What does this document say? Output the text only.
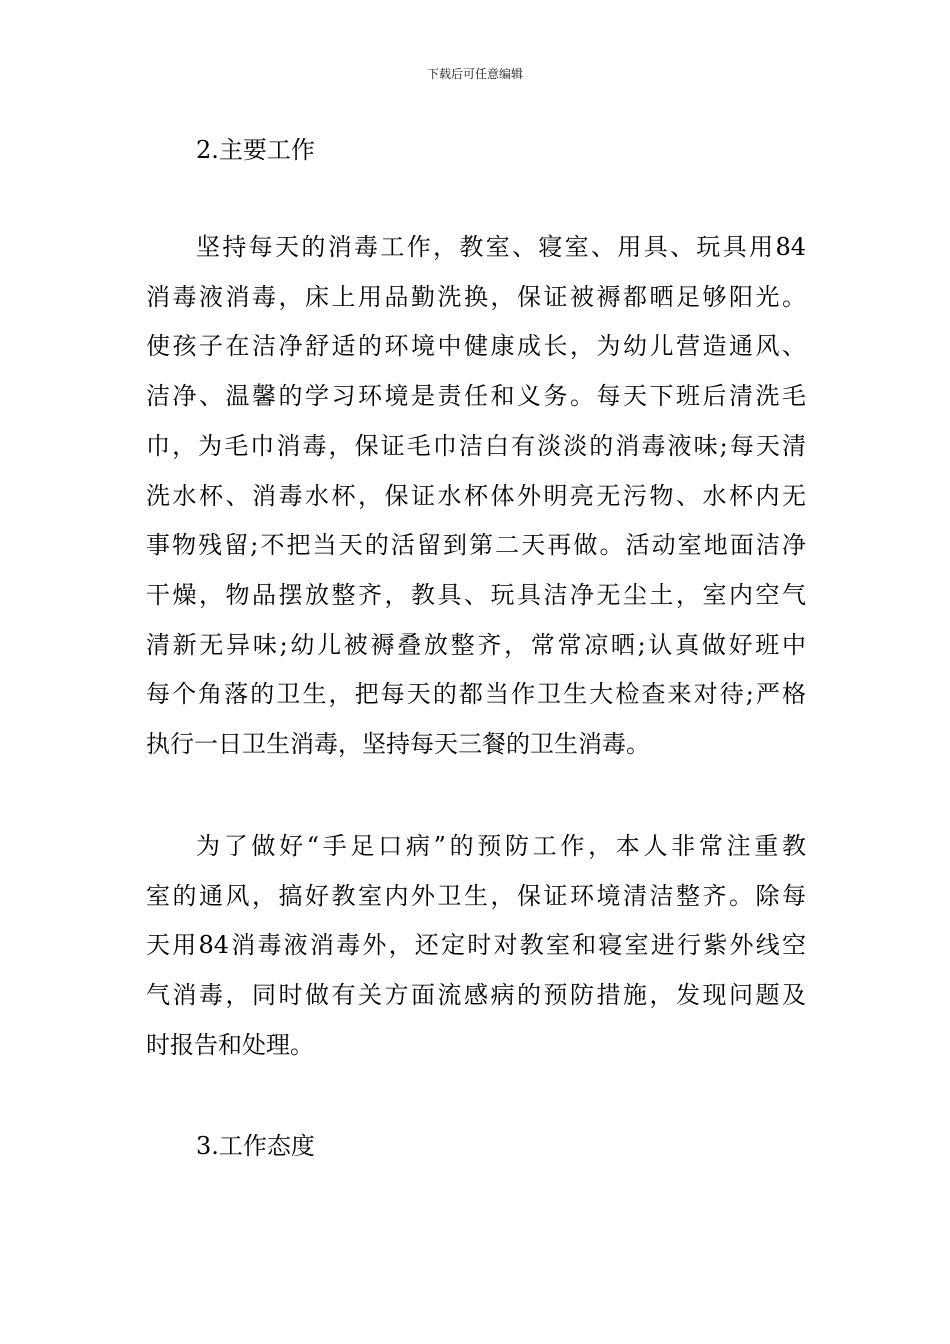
下载后可任意编辑
2.主要工作
坚持每天的消毒工作，教室、寝室、用具、玩具用84
消毒液消毒，床上用品勤洗换，保证被褥都晒足够阳光。
使孩子在洁净舒适的环境中健康成长，为幼儿营造通风、
洁净、温馨的学习环境是责任和义务。每天下班后清洗毛
巾，为毛巾消毒，保证毛巾洁白有淡淡的消毒液味;每天清
洗水杯、消毒水杯，保证水杯体外明亮无污物、水杯内无
事物残留;不把当天的活留到第二天再做。活动室地面洁净
干燥，物品摆放整齐，教具、玩具洁净无尘土，室内空气
清新无异味;幼儿被褥叠放整齐，常常凉晒;认真做好班中
每个角落的卫生，把每天的都当作卫生大检查来对待;严格
执行一日卫生消毒，坚持每天三餐的卫生消毒。
为了做好“手足口病”的预防工作，本人非常注重教
室的通风，搞好教室内外卫生，保证环境清洁整齐。除每
天用84消毒液消毒外，还定时对教室和寝室进行紫外线空
气消毒，同时做有关方面流感病的预防措施，发现问题及
时报告和处理。
3.工作态度
